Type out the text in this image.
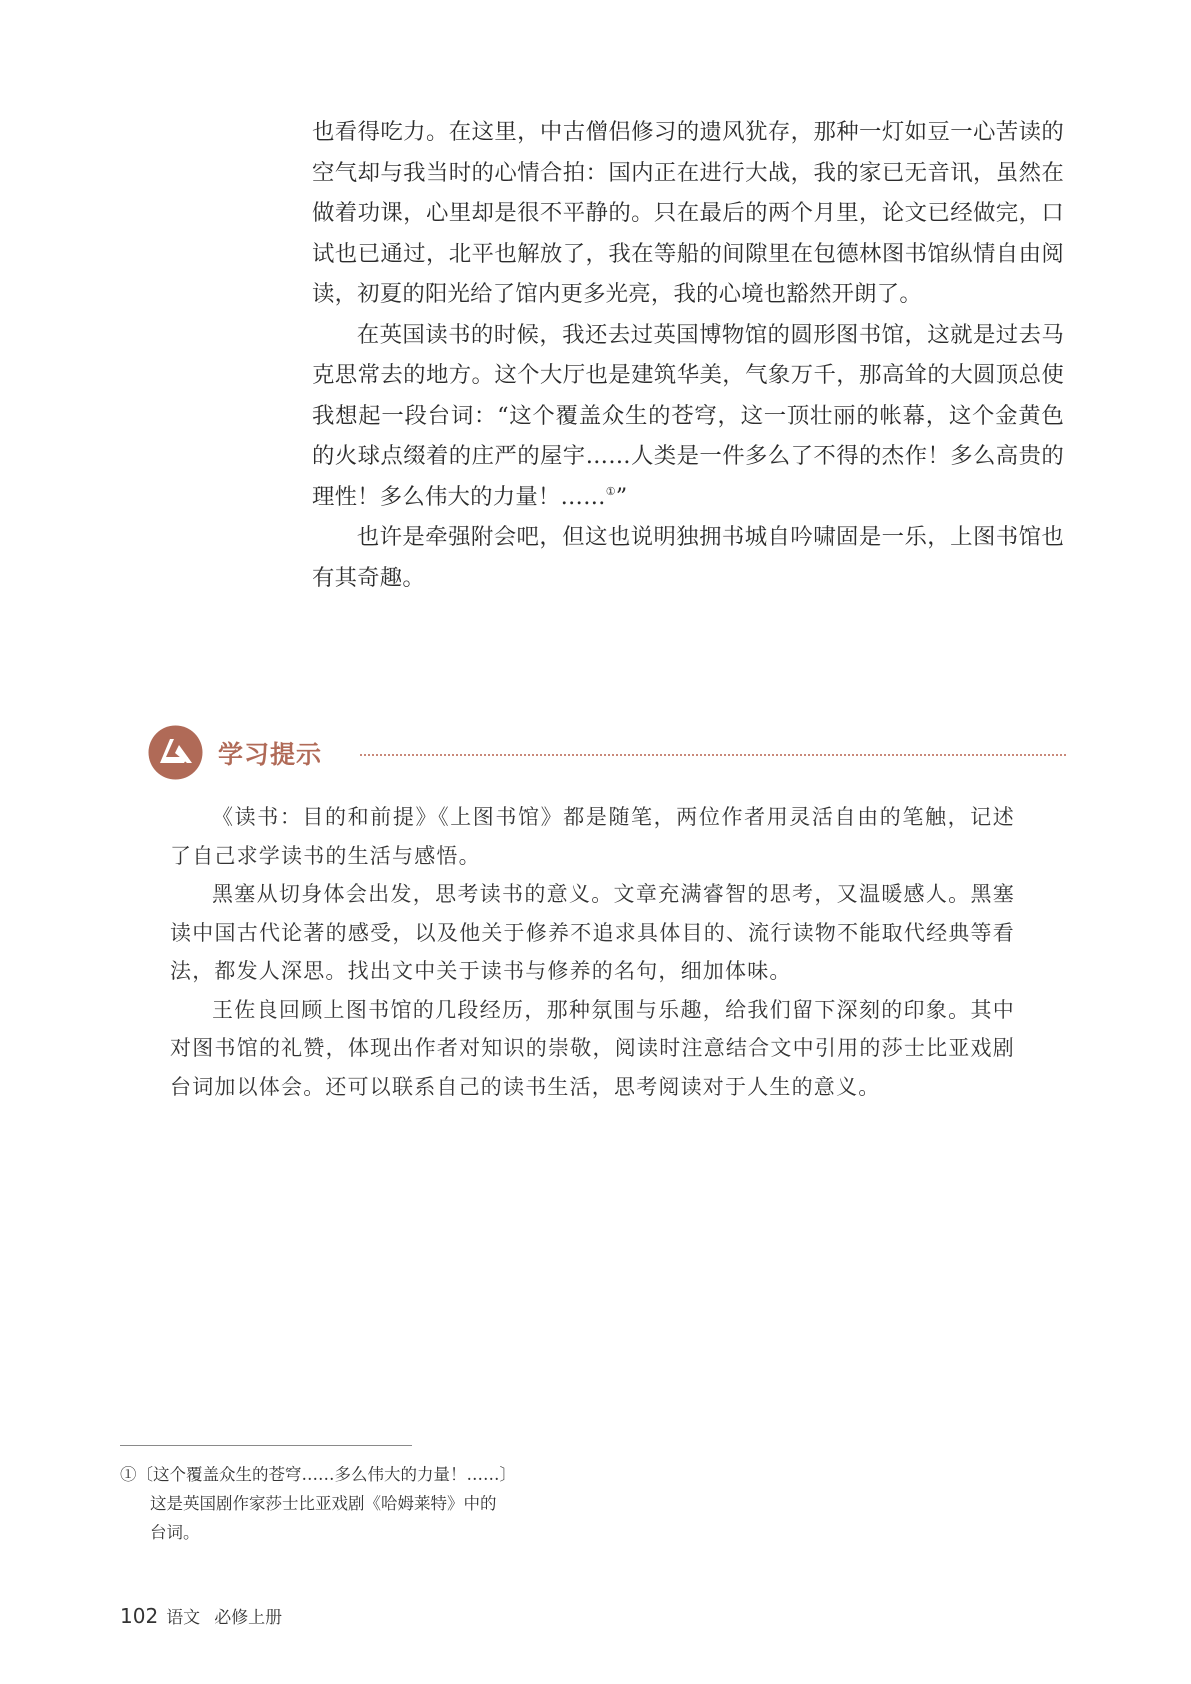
也看得吃力。在这里，中古僧侣修习的遗风犹存，那种一灯如豆一心苦读的空气却与我当时的心情合拍：国内正在进行大战，我的家已无音讯，虽然在做着功课，心里却是很不平静的。只在最后的两个月里，论文已经做完，口试也已通过，北平也解放了，我在等船的间隙里在包德林图书馆纵情自由阅读，初夏的阳光给了馆内更多光亮，我的心境也豁然开朗了。

在英国读书的时候，我还去过英国博物馆的圆形图书馆，这就是过去马克思常去的地方。这个大厅也是建筑华美，气象万千，那高耸的大圆顶总使我想起一段台词：“这个覆盖众生的苍穹，这一顶壮丽的帐幕，这个金黄色的火球点缀着的庄严的屋宇……人类是一件多么了不得的杰作！多么高贵的理性！多么伟大的力量！……①”

也许是牵强附会吧，但这也说明独拥书城自吟啸固是一乐，上图书馆也有其奇趣。

学习提示

《读书：目的和前提》《上图书馆》都是随笔，两位作者用灵活自由的笔触，记述了自己求学读书的生活与感悟。

黑塞从切身体会出发，思考读书的意义。文章充满睿智的思考，又温暖感人。黑塞读中国古代论著的感受，以及他关于修养不追求具体目的、流行读物不能取代经典等看法，都发人深思。找出文中关于读书与修养的名句，细加体味。

王佐良回顾上图书馆的几段经历，那种氛围与乐趣，给我们留下深刻的印象。其中对图书馆的礼赞，体现出作者对知识的崇敬，阅读时注意结合文中引用的莎士比亚戏剧台词加以体会。还可以联系自己的读书生活，思考阅读对于人生的意义。

①〔这个覆盖众生的苍穹……多么伟大的力量！……〕
这是英国剧作家莎士比亚戏剧《哈姆莱特》中的
台词。
102 语文 必修上册
